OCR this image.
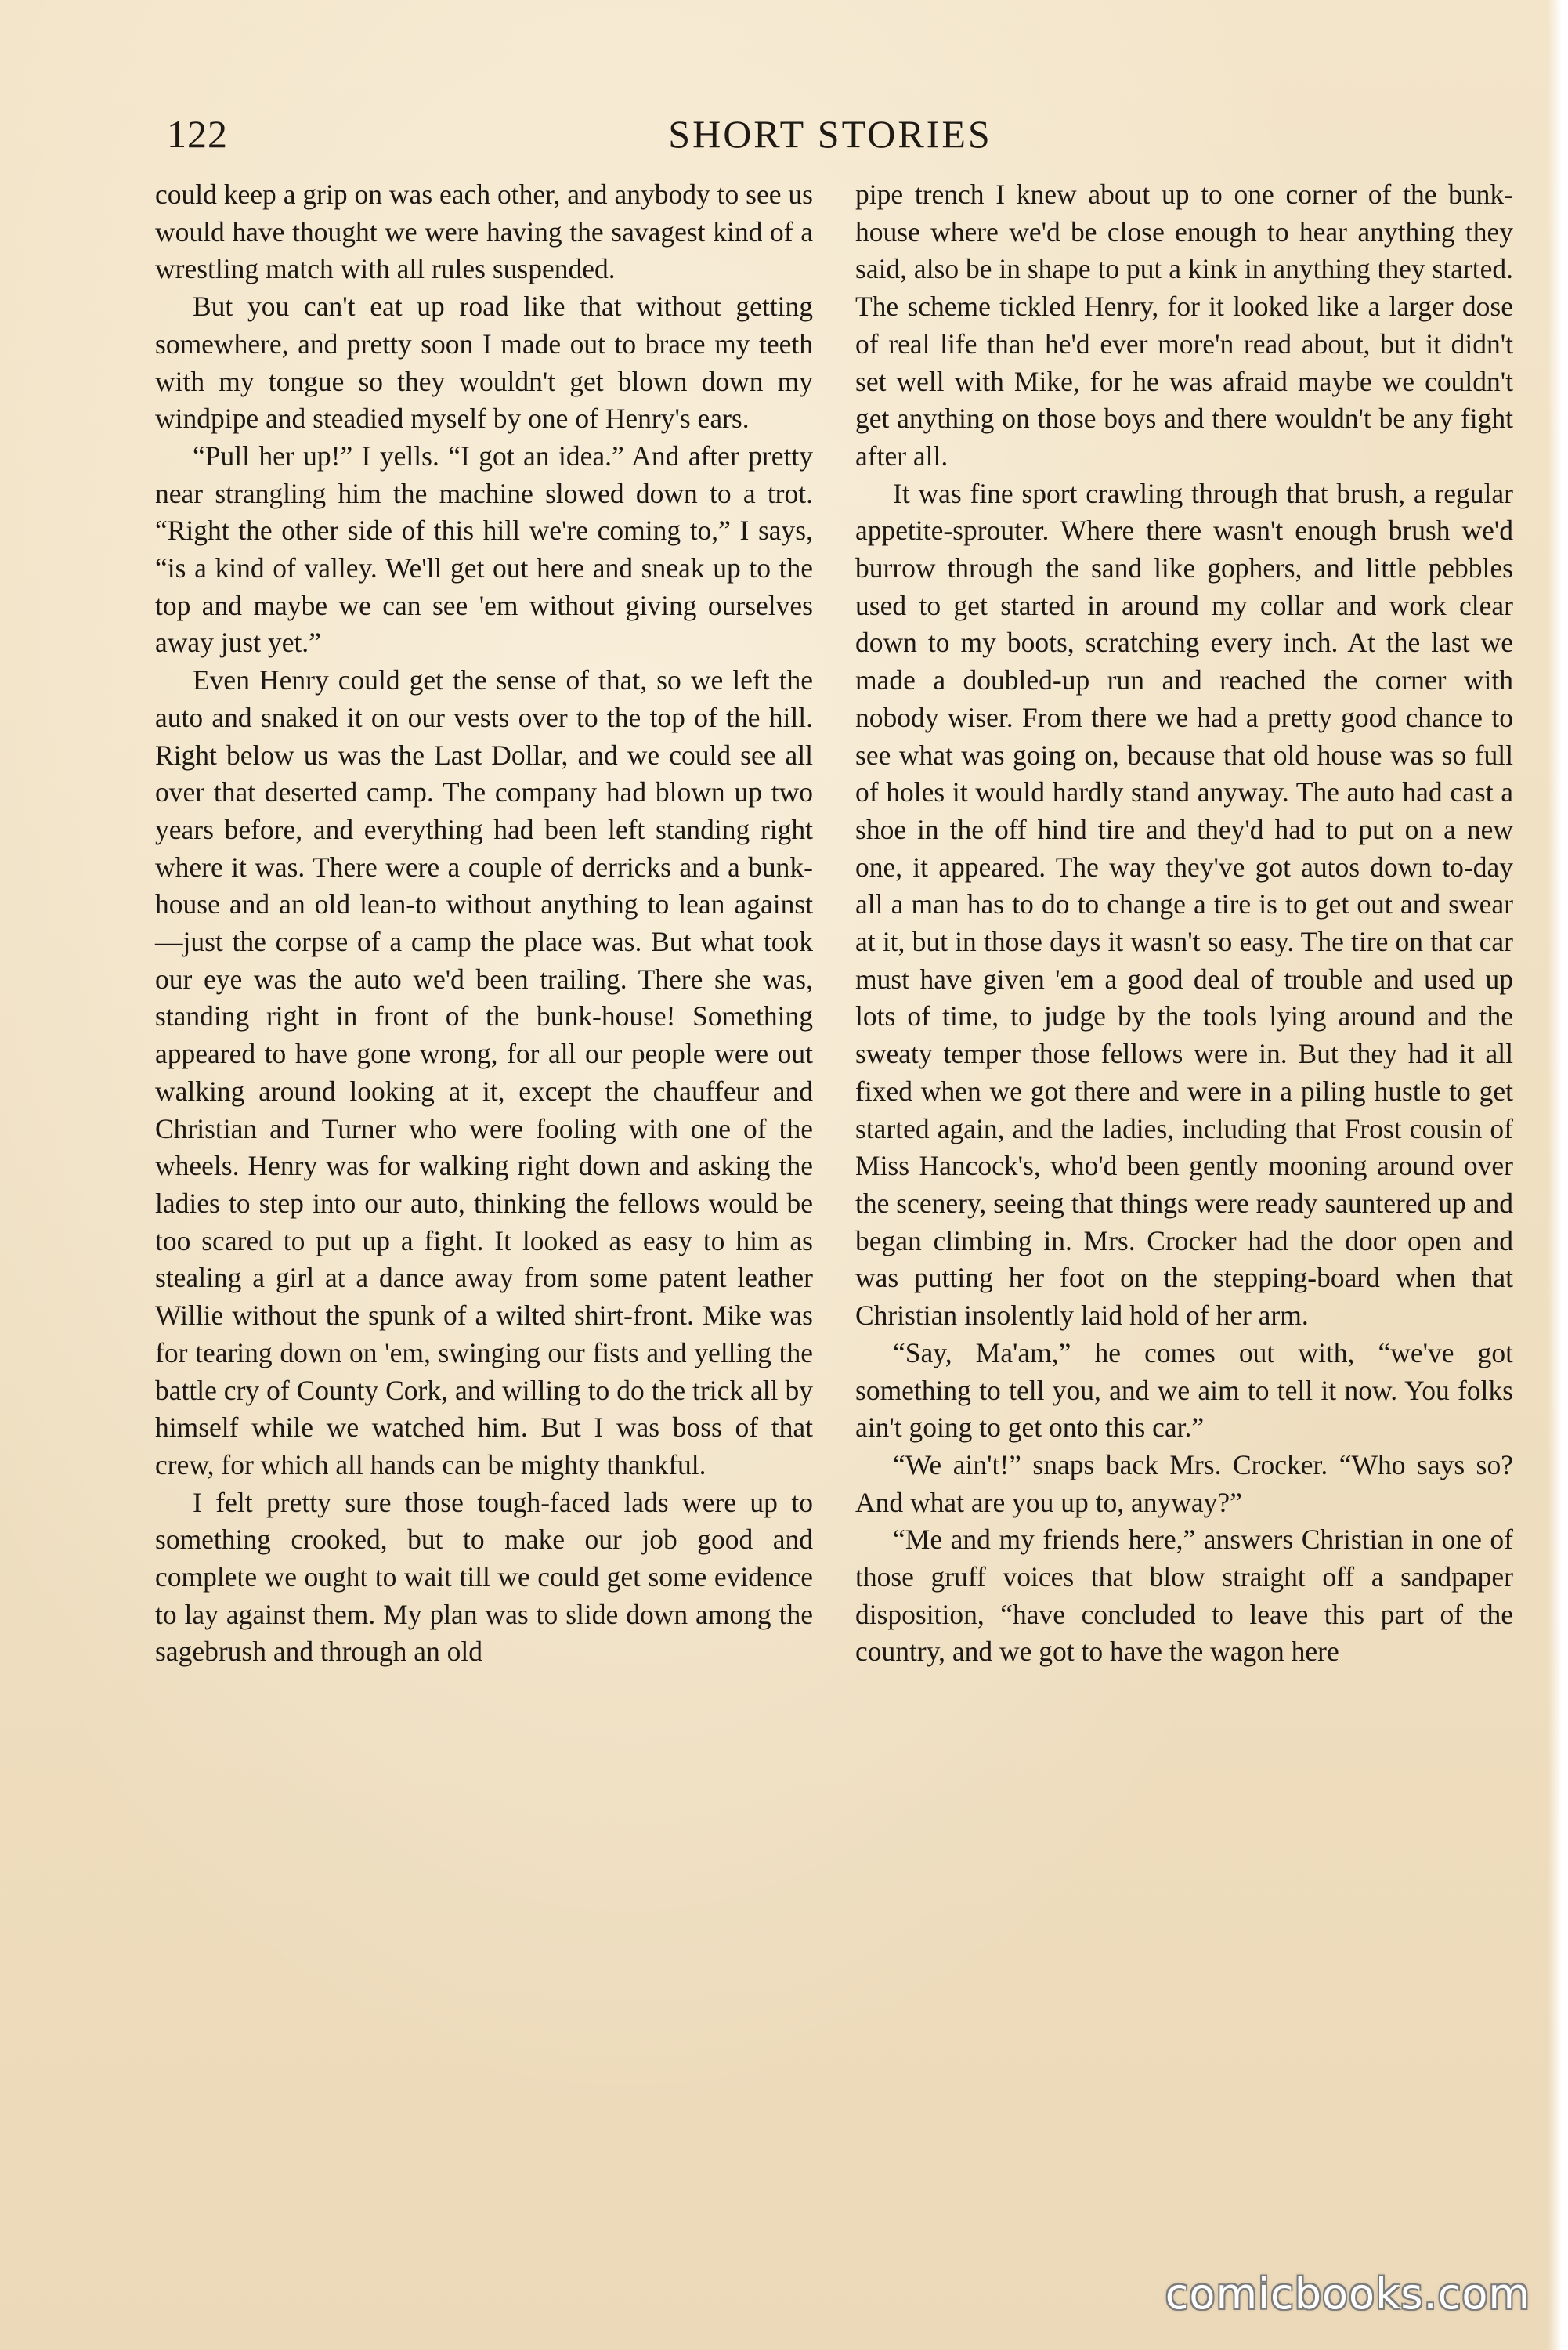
122	SHORT STORIES

could keep a grip on was each other, and anybody to see us would have thought we were having the savagest kind of a wrestling match with all rules suspended.

But you can't eat up road like that without getting somewhere, and pretty soon I made out to brace my teeth with my tongue so they wouldn't get blown down my windpipe and steadied myself by one of Henry's ears.

“Pull her up!” I yells. “I got an idea.” And after pretty near strangling him the machine slowed down to a trot. “Right the other side of this hill we're coming to,” I says, “is a kind of valley. We'll get out here and sneak up to the top and maybe we can see 'em without giving ourselves away just yet.”

Even Henry could get the sense of that, so we left the auto and snaked it on our vests over to the top of the hill. Right below us was the Last Dollar, and we could see all over that deserted camp. The company had blown up two years before, and everything had been left standing right where it was. There were a couple of derricks and a bunk-house and an old lean-to without anything to lean against—just the corpse of a camp the place was. But what took our eye was the auto we'd been trailing. There she was, standing right in front of the bunk-house! Something appeared to have gone wrong, for all our people were out walking around looking at it, except the chauffeur and Christian and Turner who were fooling with one of the wheels. Henry was for walking right down and asking the ladies to step into our auto, thinking the fellows would be too scared to put up a fight. It looked as easy to him as stealing a girl at a dance away from some patent leather Willie without the spunk of a wilted shirt-front. Mike was for tearing down on 'em, swinging our fists and yelling the battle cry of County Cork, and willing to do the trick all by himself while we watched him. But I was boss of that crew, for which all hands can be mighty thankful.

I felt pretty sure those tough-faced lads were up to something crooked, but to make our job good and complete we ought to wait till we could get some evidence to lay against them. My plan was to slide down among the sagebrush and through an old

pipe trench I knew about up to one corner of the bunk-house where we'd be close enough to hear anything they said, also be in shape to put a kink in anything they started. The scheme tickled Henry, for it looked like a larger dose of real life than he'd ever more'n read about, but it didn't set well with Mike, for he was afraid maybe we couldn't get anything on those boys and there wouldn't be any fight after all.

It was fine sport crawling through that brush, a regular appetite-sprouter. Where there wasn't enough brush we'd burrow through the sand like gophers, and little pebbles used to get started in around my collar and work clear down to my boots, scratching every inch. At the last we made a doubled-up run and reached the corner with nobody wiser. From there we had a pretty good chance to see what was going on, because that old house was so full of holes it would hardly stand anyway. The auto had cast a shoe in the off hind tire and they'd had to put on a new one, it appeared. The way they've got autos down to-day all a man has to do to change a tire is to get out and swear at it, but in those days it wasn't so easy. The tire on that car must have given 'em a good deal of trouble and used up lots of time, to judge by the tools lying around and the sweaty temper those fellows were in. But they had it all fixed when we got there and were in a piling hustle to get started again, and the ladies, including that Frost cousin of Miss Hancock's, who'd been gently mooning around over the scenery, seeing that things were ready sauntered up and began climbing in. Mrs. Crocker had the door open and was putting her foot on the stepping-board when that Christian insolently laid hold of her arm.

“Say, Ma'am,” he comes out with, “we've got something to tell you, and we aim to tell it now. You folks ain't going to get onto this car.”

“We ain't!” snaps back Mrs. Crocker. “Who says so? And what are you up to, anyway?”

“Me and my friends here,” answers Christian in one of those gruff voices that blow straight off a sandpaper disposition, “have concluded to leave this part of the country, and we got to have the wagon here

comicbooks.com
